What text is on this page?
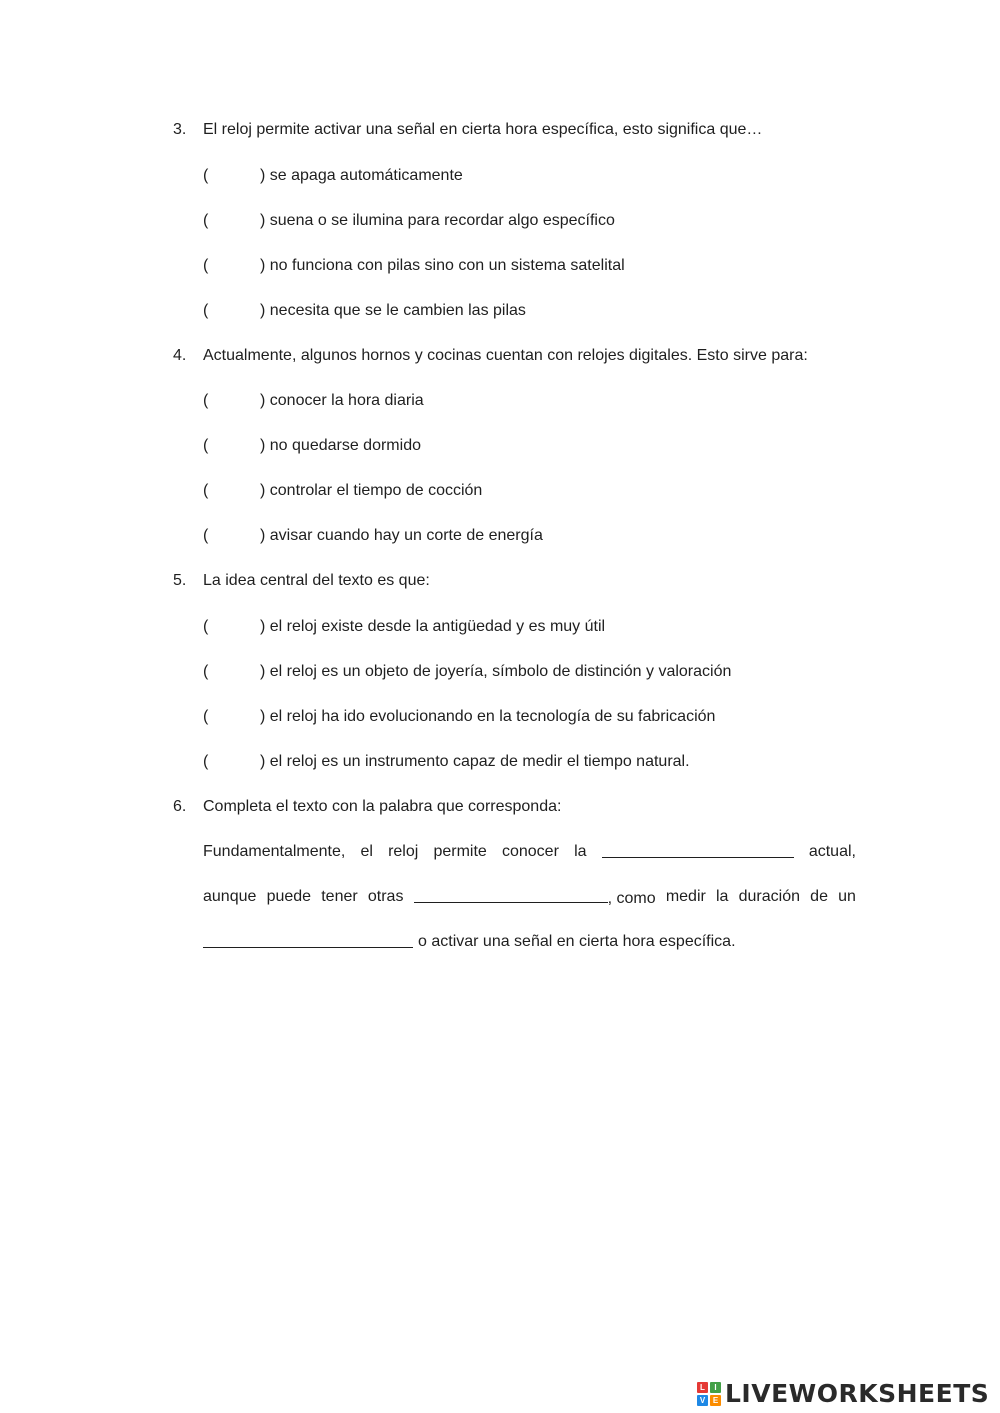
3.	El reloj permite activar una señal en cierta hora específica, esto significa que…
(	) se apaga automáticamente
(	) suena o se ilumina para recordar algo específico
(	) no funciona con pilas sino con un sistema satelital
(	) necesita que se le cambien las pilas
4.	Actualmente, algunos hornos y cocinas cuentan con relojes digitales. Esto sirve para:
(	) conocer la hora diaria
(	) no quedarse dormido
(	) controlar el tiempo de cocción
(	) avisar cuando hay un corte de energía
5.	La idea central del texto es que:
(	) el reloj existe desde la antigüedad y es muy útil
(	) el reloj es un objeto de joyería, símbolo de distinción y valoración
(	) el reloj ha ido evolucionando en la tecnología de su fabricación
(	) el reloj es un instrumento capaz de medir el tiempo natural.
6.	Completa el texto con la palabra que corresponda:
Fundamentalmente, el reloj permite conocer la	actual,
aunque puede tener otras	, como medir la duración de un
o activar una señal en cierta hora específica.
L	I
V E LIVEWORKSHEETS
